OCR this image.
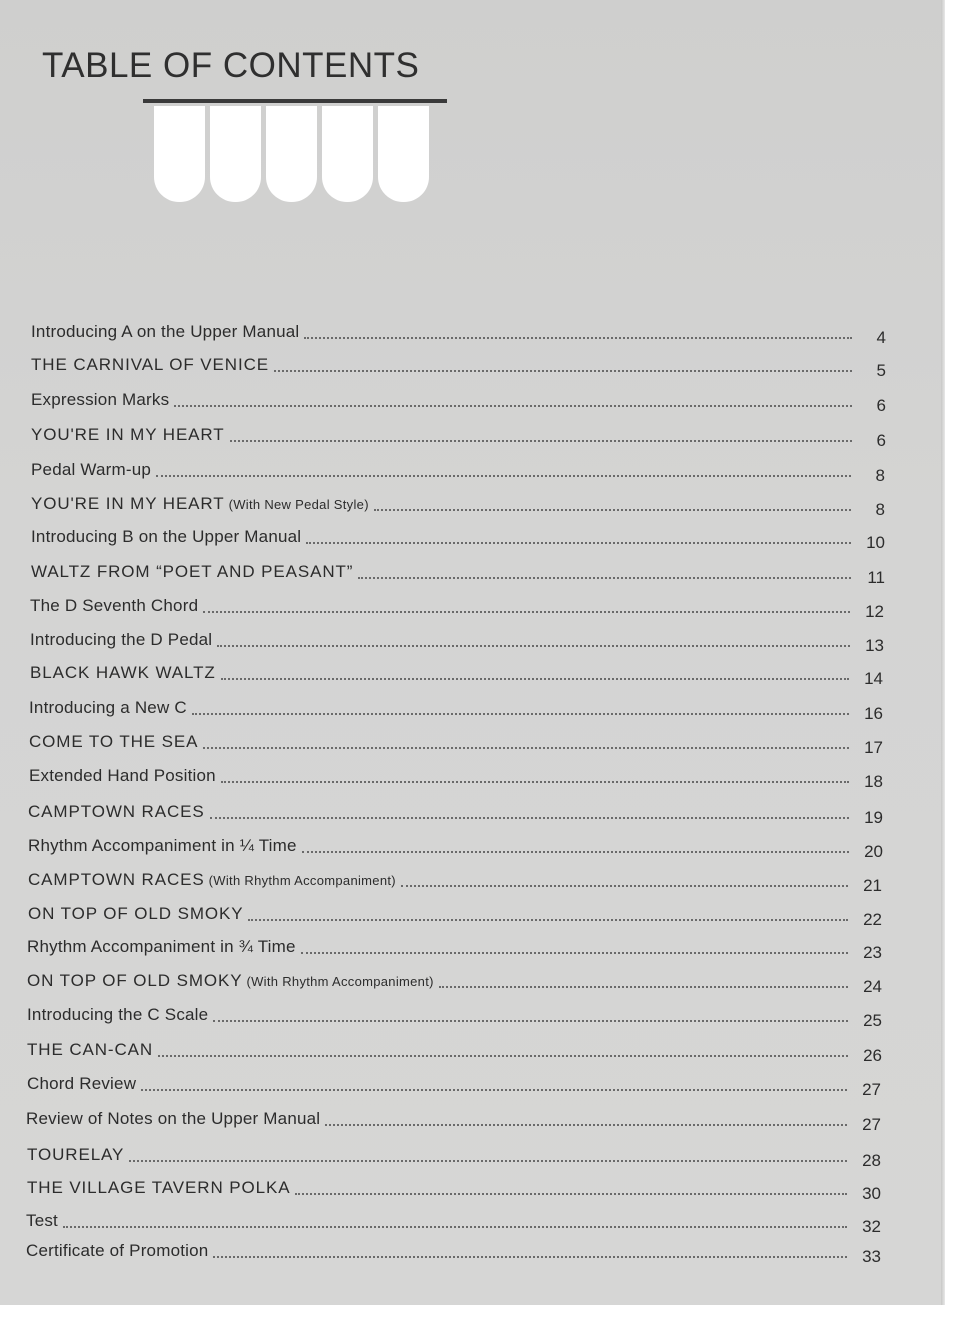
TABLE OF CONTENTS
Introducing A on the Upper Manual	4
THE CARNIVAL OF VENICE	5
Expression Marks	6
YOU'RE IN MY HEART	6
Pedal Warm-up	8
YOU'RE IN MY HEART (With New Pedal Style)	8
Introducing B on the Upper Manual	10
WALTZ FROM “POET AND PEASANT”	11
The D Seventh Chord	12
Introducing the D Pedal	13
BLACK HAWK WALTZ	14
Introducing a New C	16
COME TO THE SEA	17
Extended Hand Position	18
CAMPTOWN RACES	19
Rhythm Accompaniment in ¼ Time	20
CAMPTOWN RACES (With Rhythm Accompaniment)	21
ON TOP OF OLD SMOKY	22
Rhythm Accompaniment in ¾ Time	23
ON TOP OF OLD SMOKY (With Rhythm Accompaniment)	24
Introducing the C Scale	25
THE CAN-CAN	26
Chord Review	27
Review of Notes on the Upper Manual	27
TOURELAY	28
THE VILLAGE TAVERN POLKA	30
Test	32
Certificate of Promotion	33
